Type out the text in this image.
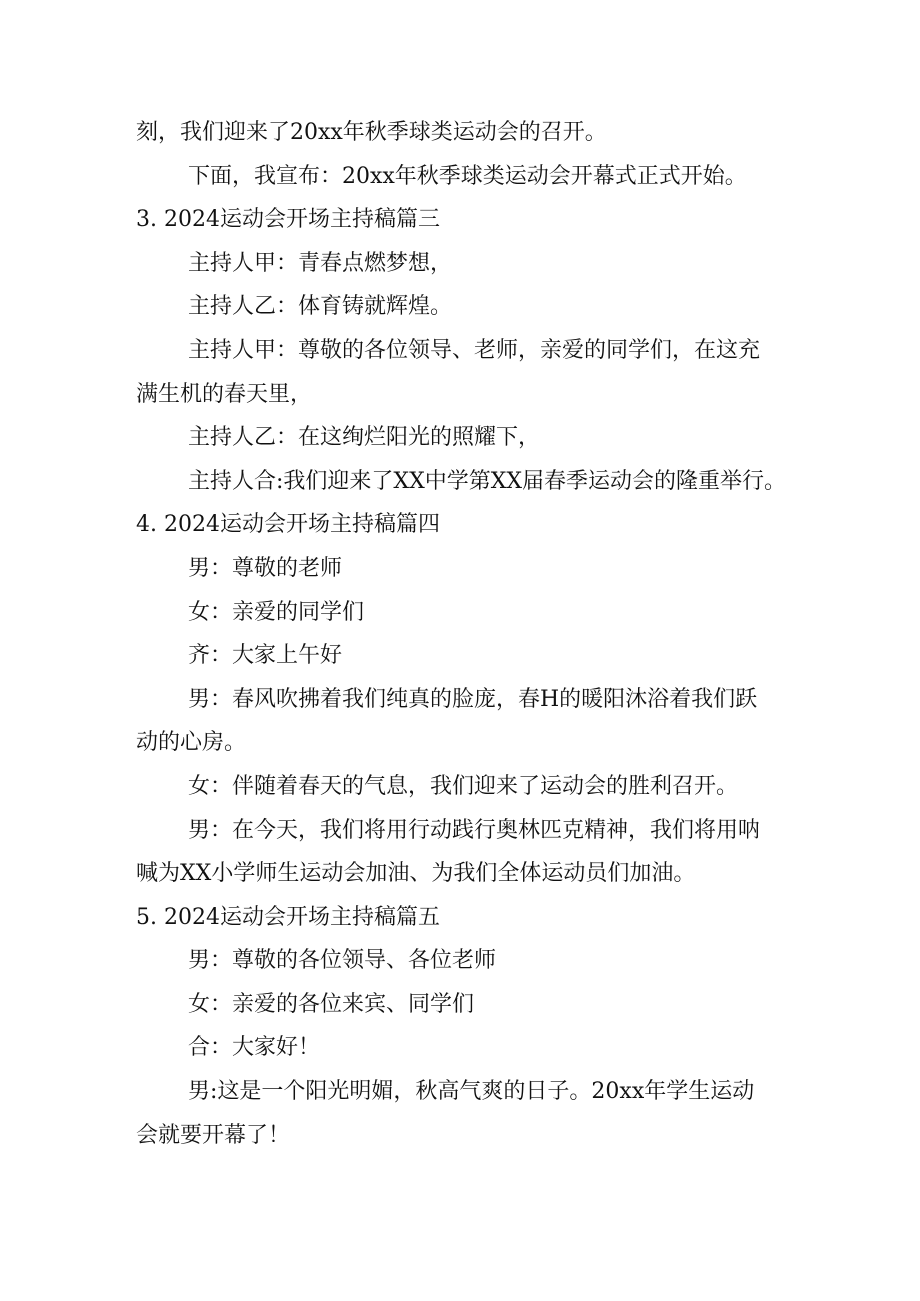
刻，我们迎来了20xx年秋季球类运动会的召开。

下面，我宣布：20xx年秋季球类运动会开幕式正式开始。

3. 2024运动会开场主持稿篇三

主持人甲：青春点燃梦想，

主持人乙：体育铸就辉煌。

主持人甲：尊敬的各位领导、老师，亲爱的同学们，在这充

满生机的春天里，

主持人乙：在这绚烂阳光的照耀下，

主持人合:我们迎来了XX中学第XX届春季运动会的隆重举行。

4. 2024运动会开场主持稿篇四

男：尊敬的老师

女：亲爱的同学们

齐：大家上午好

男：春风吹拂着我们纯真的脸庞，春H的暖阳沐浴着我们跃

动的心房。

女：伴随着春天的气息，我们迎来了运动会的胜利召开。

男：在今天，我们将用行动践行奥林匹克精神，我们将用呐

喊为XX小学师生运动会加油、为我们全体运动员们加油。

5. 2024运动会开场主持稿篇五

男：尊敬的各位领导、各位老师

女：亲爱的各位来宾、同学们

合：大家好！

男:这是一个阳光明媚，秋高气爽的日子。20xx年学生运动

会就要开幕了！
